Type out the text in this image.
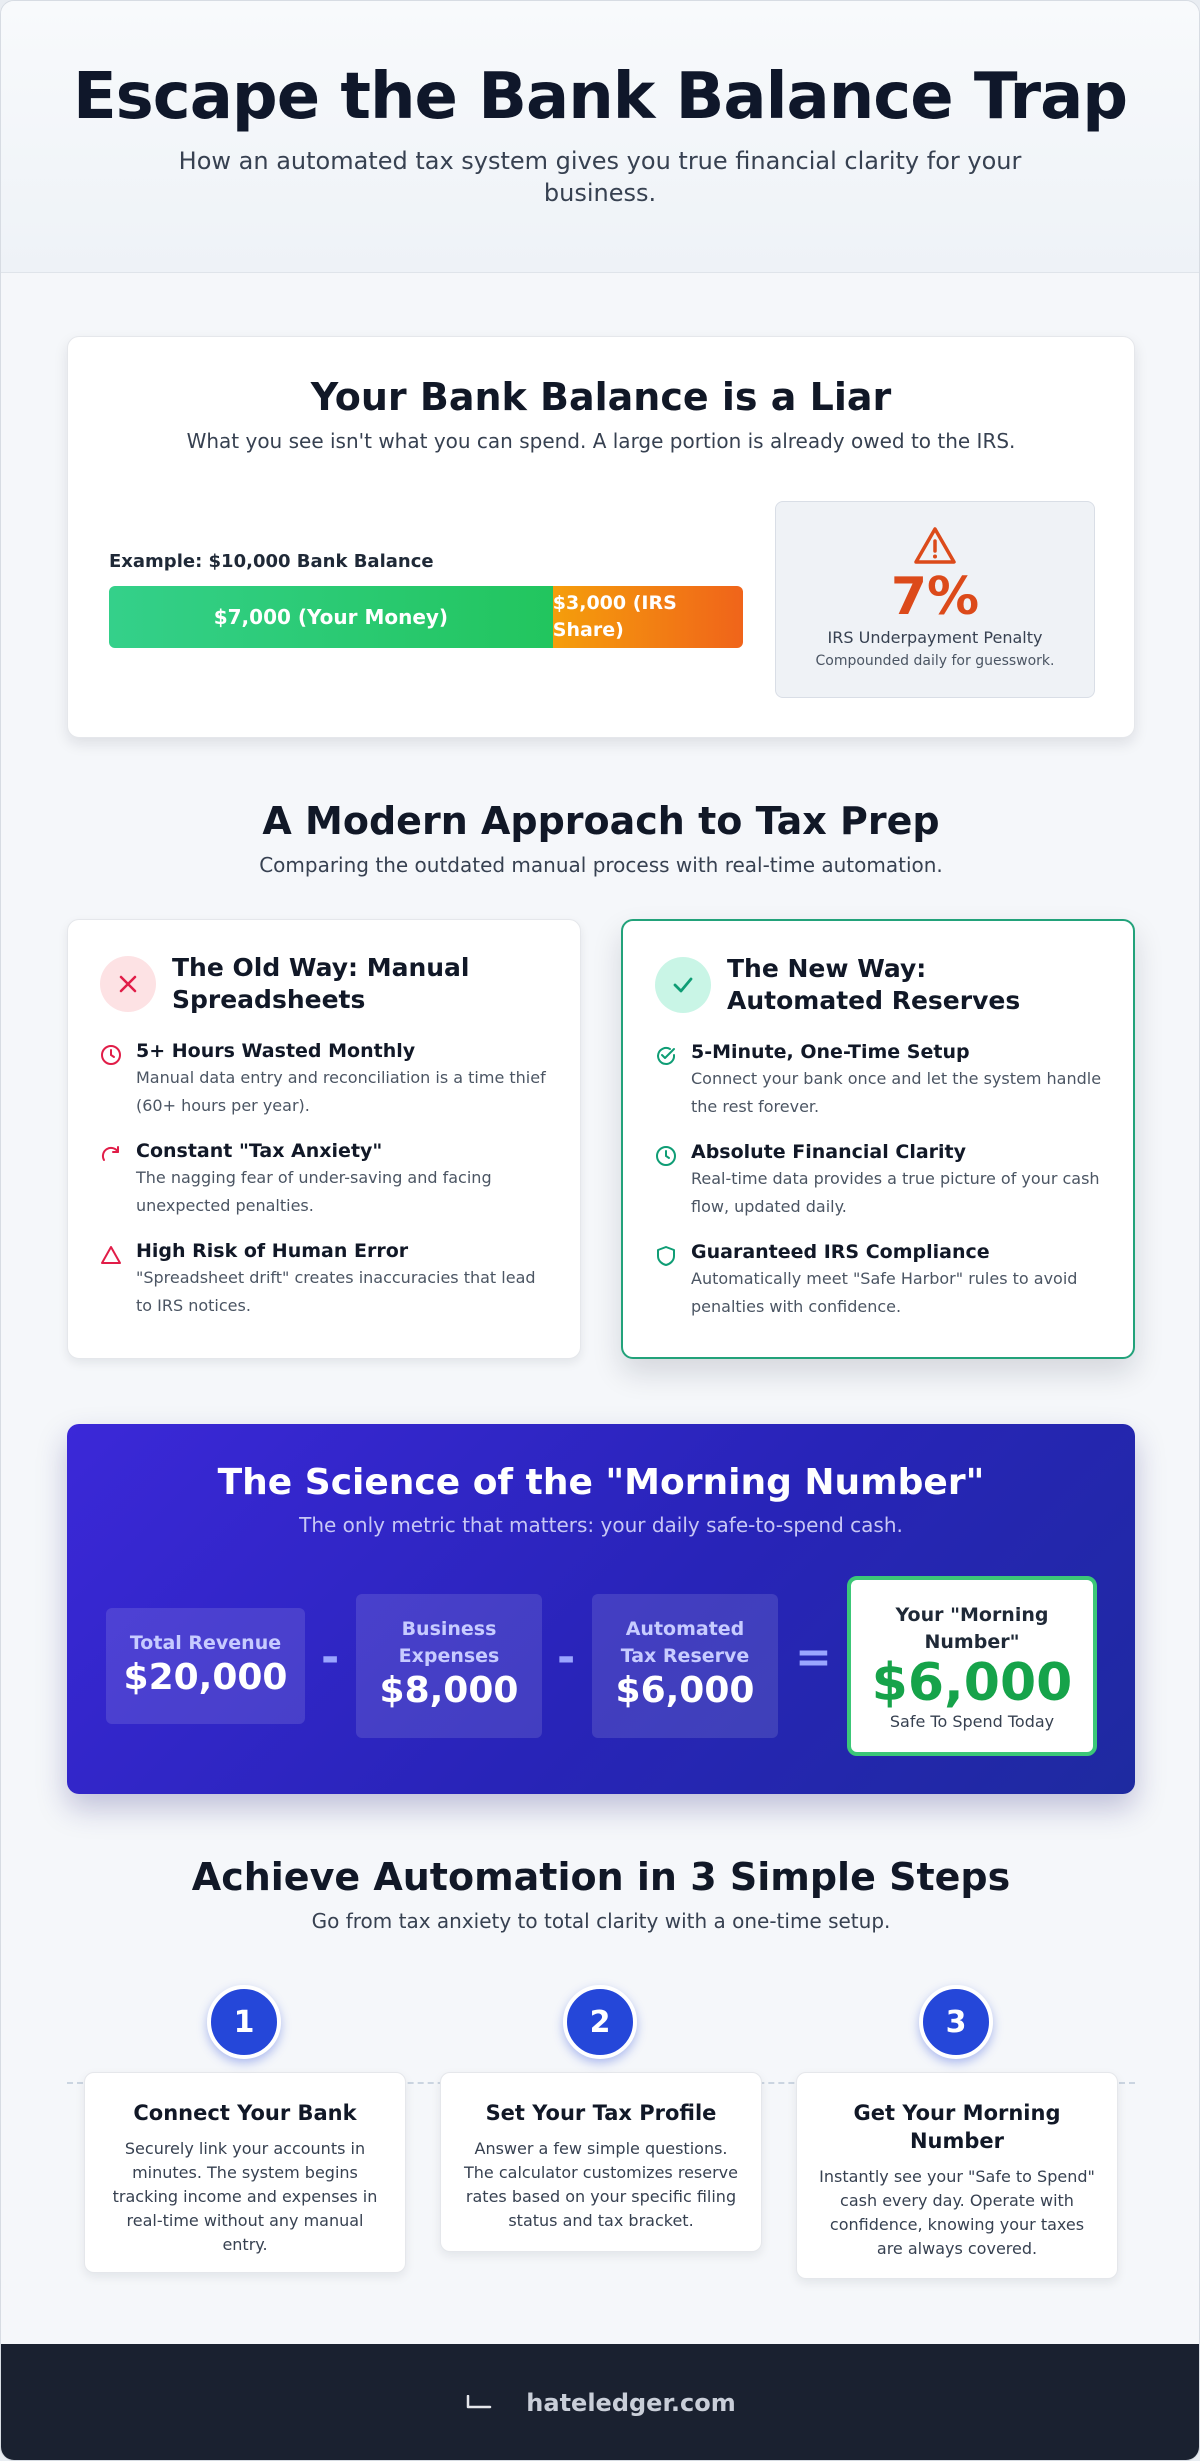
Escape the Bank Balance Trap

How an automated tax system gives you true financial clarity for your business.

Your Bank Balance is a Liar

What you see isn't what you can spend. A large portion is already owed to the IRS.

Example: $10,000 Bank Balance
$7,000 (Your Money)
$3,000 (IRS Share)
7%
IRS Underpayment Penalty
Compounded daily for guesswork.
A Modern Approach to Tax Prep

Comparing the outdated manual process with real-time automation.

The Old Way: Manual Spreadsheets
5+ Hours Wasted Monthly
Manual data entry and reconciliation is a time thief (60+ hours per year).
Constant "Tax Anxiety"
The nagging fear of under-saving and facing unexpected penalties.
High Risk of Human Error
"Spreadsheet drift" creates inaccuracies that lead to IRS notices.
The New Way: Automated Reserves
5-Minute, One-Time Setup
Connect your bank once and let the system handle the rest forever.
Absolute Financial Clarity
Real-time data provides a true picture of your cash flow, updated daily.
Guaranteed IRS Compliance
Automatically meet "Safe Harbor" rules to avoid penalties with confidence.
The Science of the "Morning Number"

The only metric that matters: your daily safe-to-spend cash.

Total Revenue
$20,000 -
Business
Expenses
$8,000
-
Automated
Tax Reserve
$6,000
=
Your "Morning
Number"
$6,000
Safe To Spend Today
Achieve Automation in 3 Simple Steps

Go from tax anxiety to total clarity with a one-time setup.

Connect Your Bank

Securely link your accounts in minutes. The system begins tracking income and expenses in real-time without any manual entry.

Set Your Tax Profile

Answer a few simple questions. The calculator customizes reserve rates based on your specific filing status and tax bracket.

Get Your Morning Number

Instantly see your "Safe to Spend" cash every day. Operate with confidence, knowing your taxes are always covered.

1	2	3
hateledger.com
